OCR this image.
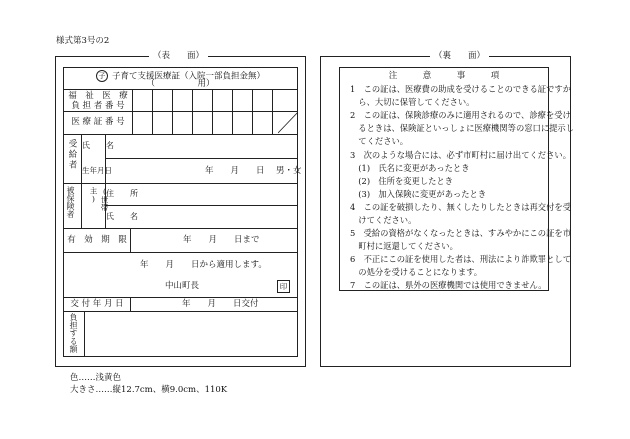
様式第3号の2
（表　　面）
子 子育て支援医療証（入院一部負担金無）
（　　　　　用）
福　祉　医　療
負 担 者 番 号
医 療 証 番 号
受給者 氏　　名
生年月日	年　　月　　日 男・女
被保険者	(世帯主)	住　　所
氏　　名
有　効　期　限	年　　月　　日まで
年　　月　　日から適用します。
中山町長	印
交 付 年 月 日	年　　月　　日交付
負担する額
（裏　　面）
注　　　意　　　事　　　項
1　この証は、医療費の助成を受けることのできる証ですか
　ら、大切に保管してください。
2　この証は、保険診療のみに適用されるので、診療を受け
　るときは、保険証といっしょに医療機関等の窓口に提示し
　てください。
3　次のような場合には、必ず市町村に届け出てください。
　(1)　氏名に変更があったとき
　(2)　住所を変更したとき
　(3)　加入保険に変更があったとき
4　この証を破損したり、無くしたりしたときは再交付を受
　けてください。
5　受給の資格がなくなったときは、すみやかにこの証を市
　町村に返還してください。
6　不正にこの証を使用した者は、刑法により詐欺罪として
　の処分を受けることになります。
7　この証は、県外の医療機関では使用できません。
色……浅黄色
大きさ……縦12.7cm、横9.0cm、110K
